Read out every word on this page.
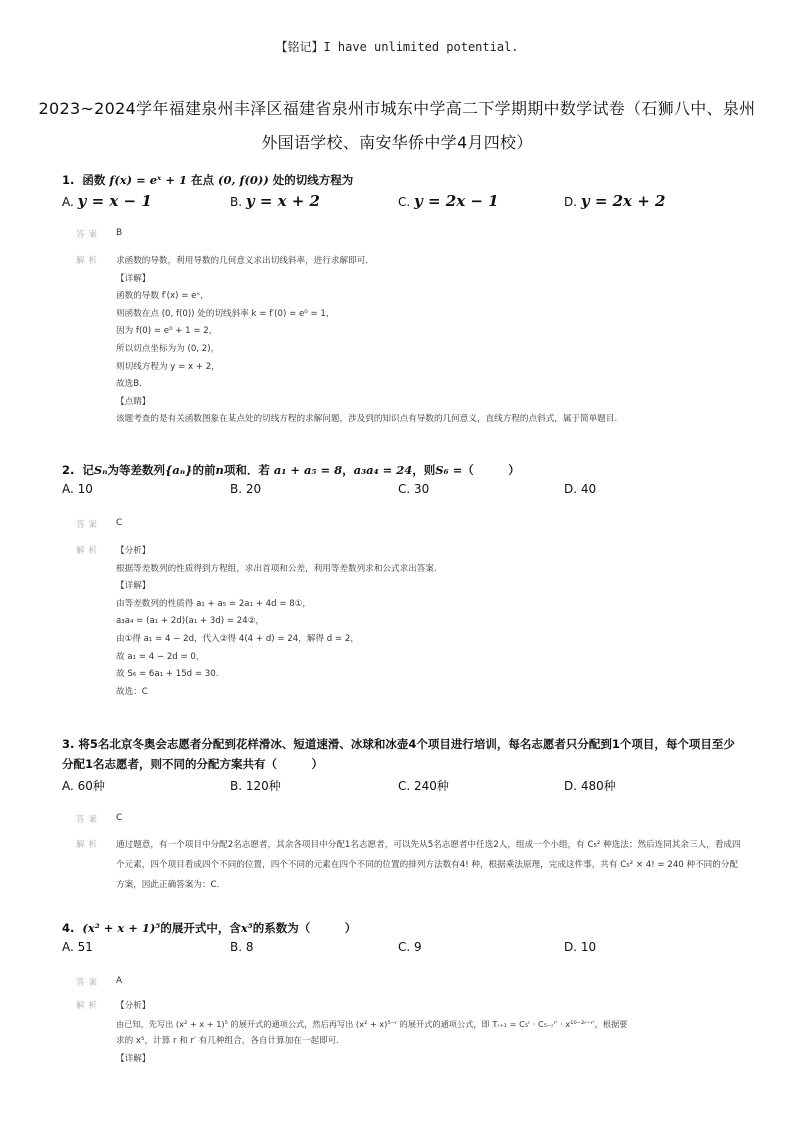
【铭记】I have unlimited potential.
2023~2024学年福建泉州丰泽区福建省泉州市城东中学高二下学期期中数学试卷（石狮八中、泉州
外国语学校、南安华侨中学4月四校）
1. 函数 f(x) = eˣ + 1 在点 (0, f(0)) 处的切线方程为
A. y = x − 1	B. y = x + 2	C. y = 2x − 1	D. y = 2x + 2
答案 B
解析 求函数的导数，利用导数的几何意义求出切线斜率，进行求解即可.
【详解】
函数的导数 f′(x) = eˣ，
则函数在点 (0, f(0)) 处的切线斜率 k = f′(0) = e⁰ = 1，
因为 f(0) = e⁰ + 1 = 2，
所以切点坐标为为 (0, 2)，
则切线方程为 y = x + 2，
故选B.
【点睛】
该题考查的是有关函数图象在某点处的切线方程的求解问题，涉及到的知识点有导数的几何意义，直线方程的点斜式，属于简单题目.
2. 记Sₙ为等差数列{aₙ}的前n项和．若 a₁ + a₅ = 8，a₃a₄ = 24，则S₆ =（　　　）
A. 10	B. 20	C. 30	D. 40
答案 C
解析 【分析】
根据等差数列的性质得到方程组，求出首项和公差，利用等差数列求和公式求出答案.
【详解】
由等差数列的性质得 a₁ + a₅ = 2a₁ + 4d = 8①，
a₃a₄ = (a₁ + 2d)(a₁ + 3d) = 24②，
由①得 a₁ = 4 − 2d，代入②得 4(4 + d) = 24，解得 d = 2，
故 a₁ = 4 − 2d = 0，
故 S₆ = 6a₁ + 15d = 30.
故选：C
3. 将5名北京冬奥会志愿者分配到花样滑冰、短道速滑、冰球和冰壶4个项目进行培训，每名志愿者只分配到1个项目，每个项目至少分配1名志愿者，则不同的分配方案共有（　　　）
A. 60种	B. 120种	C. 240种	D. 480种
答案 C
解析 通过题意，有一个项目中分配2名志愿者，其余各项目中分配1名志愿者，可以先从5名志愿者中任选2人，组成一个小组，有 C₅² 种选法；然后连同其余三人，看成四个元素，四个项目看成四个不同的位置，四个不同的元素在四个不同的位置的排列方法数有4! 种，根据乘法原理，完成这件事，共有 C₅² × 4! = 240 种不同的分配方案，因此正确答案为：C.
4. (x² + x + 1)⁵的展开式中，含x⁵的系数为（　　　）
A. 51	B. 8	C. 9	D. 10
答案 A
解析 【分析】
由已知，先写出 (x² + x + 1)⁵ 的展开式的通项公式，然后再写出 (x² + x)⁵⁻ʳ 的展开式的通项公式，即 Tᵣ₊₁ = C₅ʳ · C₅₋ᵣʳ′ · x¹⁰⁻²ʳ⁻ʳ′，根据要
求的 x⁵，计算 r 和 r′ 有几种组合，各自计算加在一起即可.
【详解】
